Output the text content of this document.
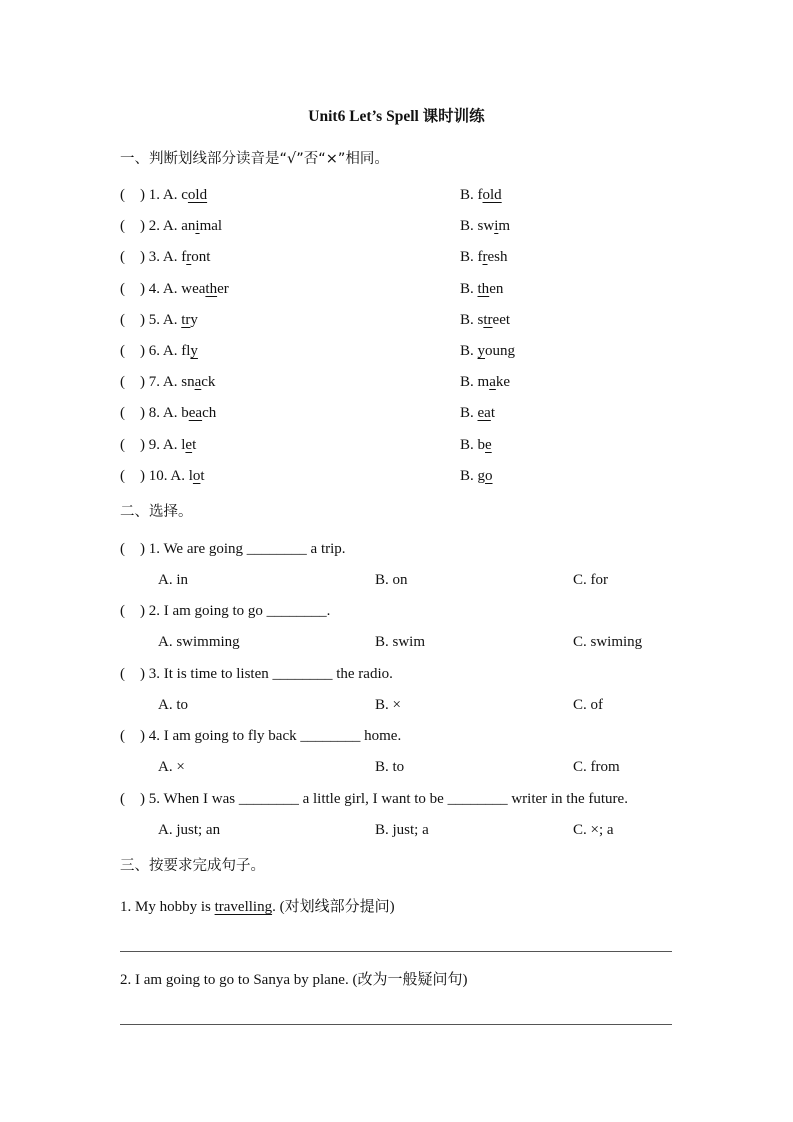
Unit6 Let’s Spell 课时训练
一、判断划线部分读音是“√”否“×”相同。
(    ) 1. A. cold	B. fold
(    ) 2. A. animal	B. swim
(    ) 3. A. front	B. fresh
(    ) 4. A. weather	B. then
(    ) 5. A. try	B. street
(    ) 6. A. fly	B. young
(    ) 7. A. snack	B. make
(    ) 8. A. beach	B. eat
(    ) 9. A. let	B. be
(    ) 10. A. lot	B. go
二、选择。
(    ) 1. We are going ________ a trip.
A. in	B. on	C. for
(    ) 2. I am going to go ________.
A. swimming	B. swim	C. swiming
(    ) 3. It is time to listen ________ the radio.
A. to	B. ×	C. of
(    ) 4. I am going to fly back ________ home.
A. ×	B. to	C. from
(    ) 5. When I was ________ a little girl, I want to be ________ writer in the future.
A. just; an	B. just; a	C. ×; a
三、按要求完成句子。
1. My hobby is travelling. (对划线部分提问)
2. I am going to go to Sanya by plane. (改为一般疑问句)
